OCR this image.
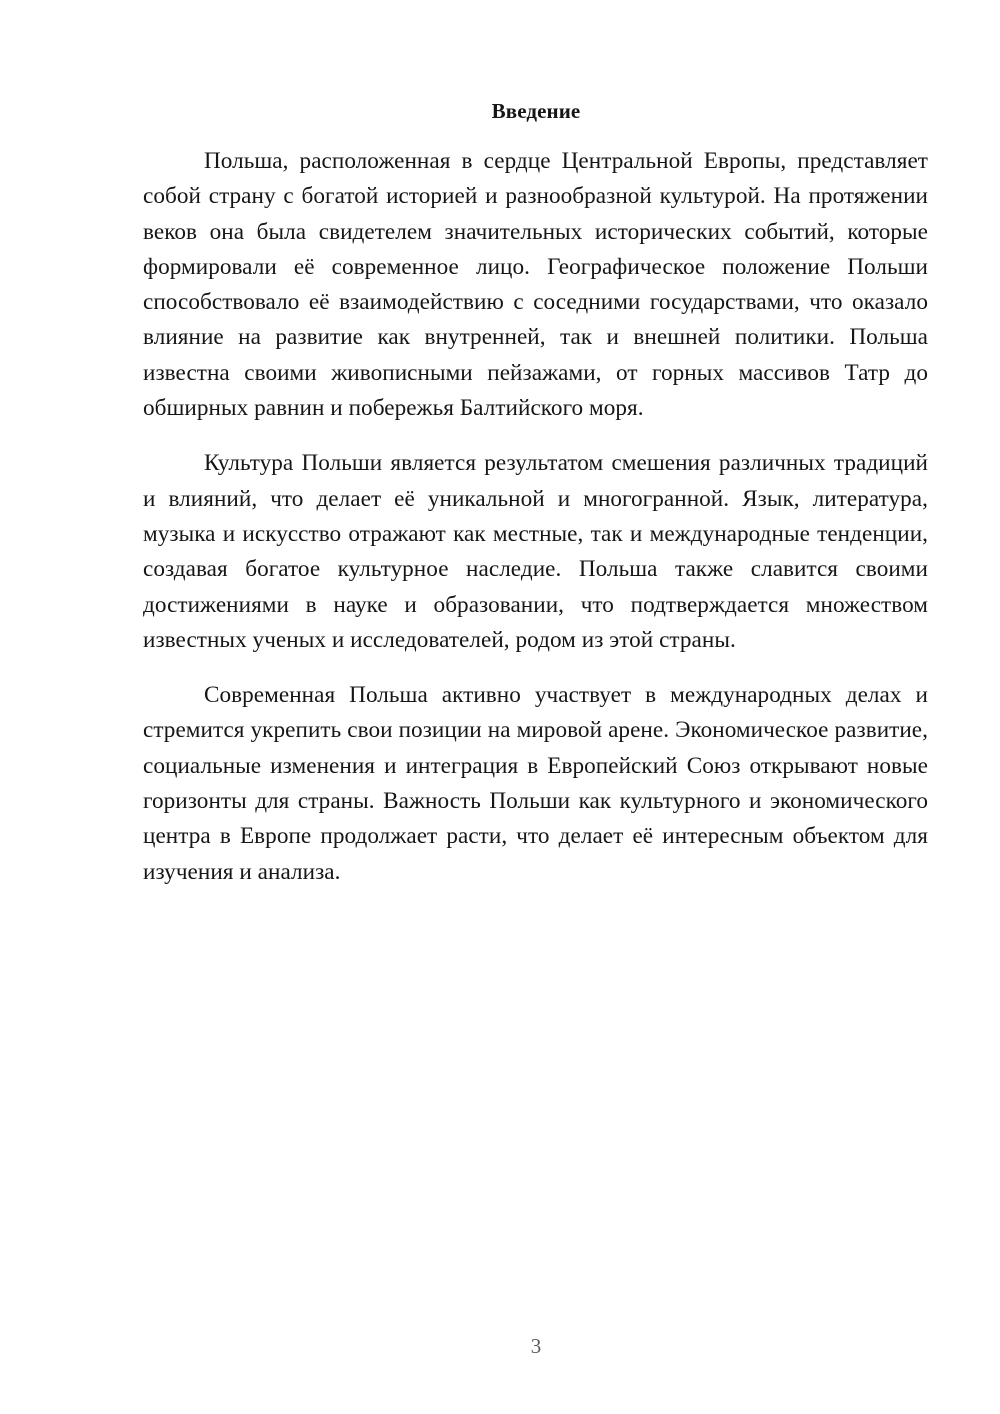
Введение

Польша, расположенная в сердце Центральной Европы, представляет собой страну с богатой историей и разнообразной культурой. На протяжении веков она была свидетелем значительных исторических событий, которые формировали её современное лицо. Географическое положение Польши способствовало её взаимодействию с соседними государствами, что оказало влияние на развитие как внутренней, так и внешней политики. Польша известна своими живописными пейзажами, от горных массивов Татр до обширных равнин и побережья Балтийского моря.

Культура Польши является результатом смешения различных традиций и влияний, что делает её уникальной и многогранной. Язык, литература, музыка и искусство отражают как местные, так и международные тенденции, создавая богатое культурное наследие. Польша также славится своими достижениями в науке и образовании, что подтверждается множеством известных ученых и исследователей, родом из этой страны.

Современная Польша активно участвует в международных делах и стремится укрепить свои позиции на мировой арене. Экономическое развитие, социальные изменения и интеграция в Европейский Союз открывают новые горизонты для страны. Важность Польши как культурного и экономического центра в Европе продолжает расти, что делает её интересным объектом для изучения и анализа.

3
